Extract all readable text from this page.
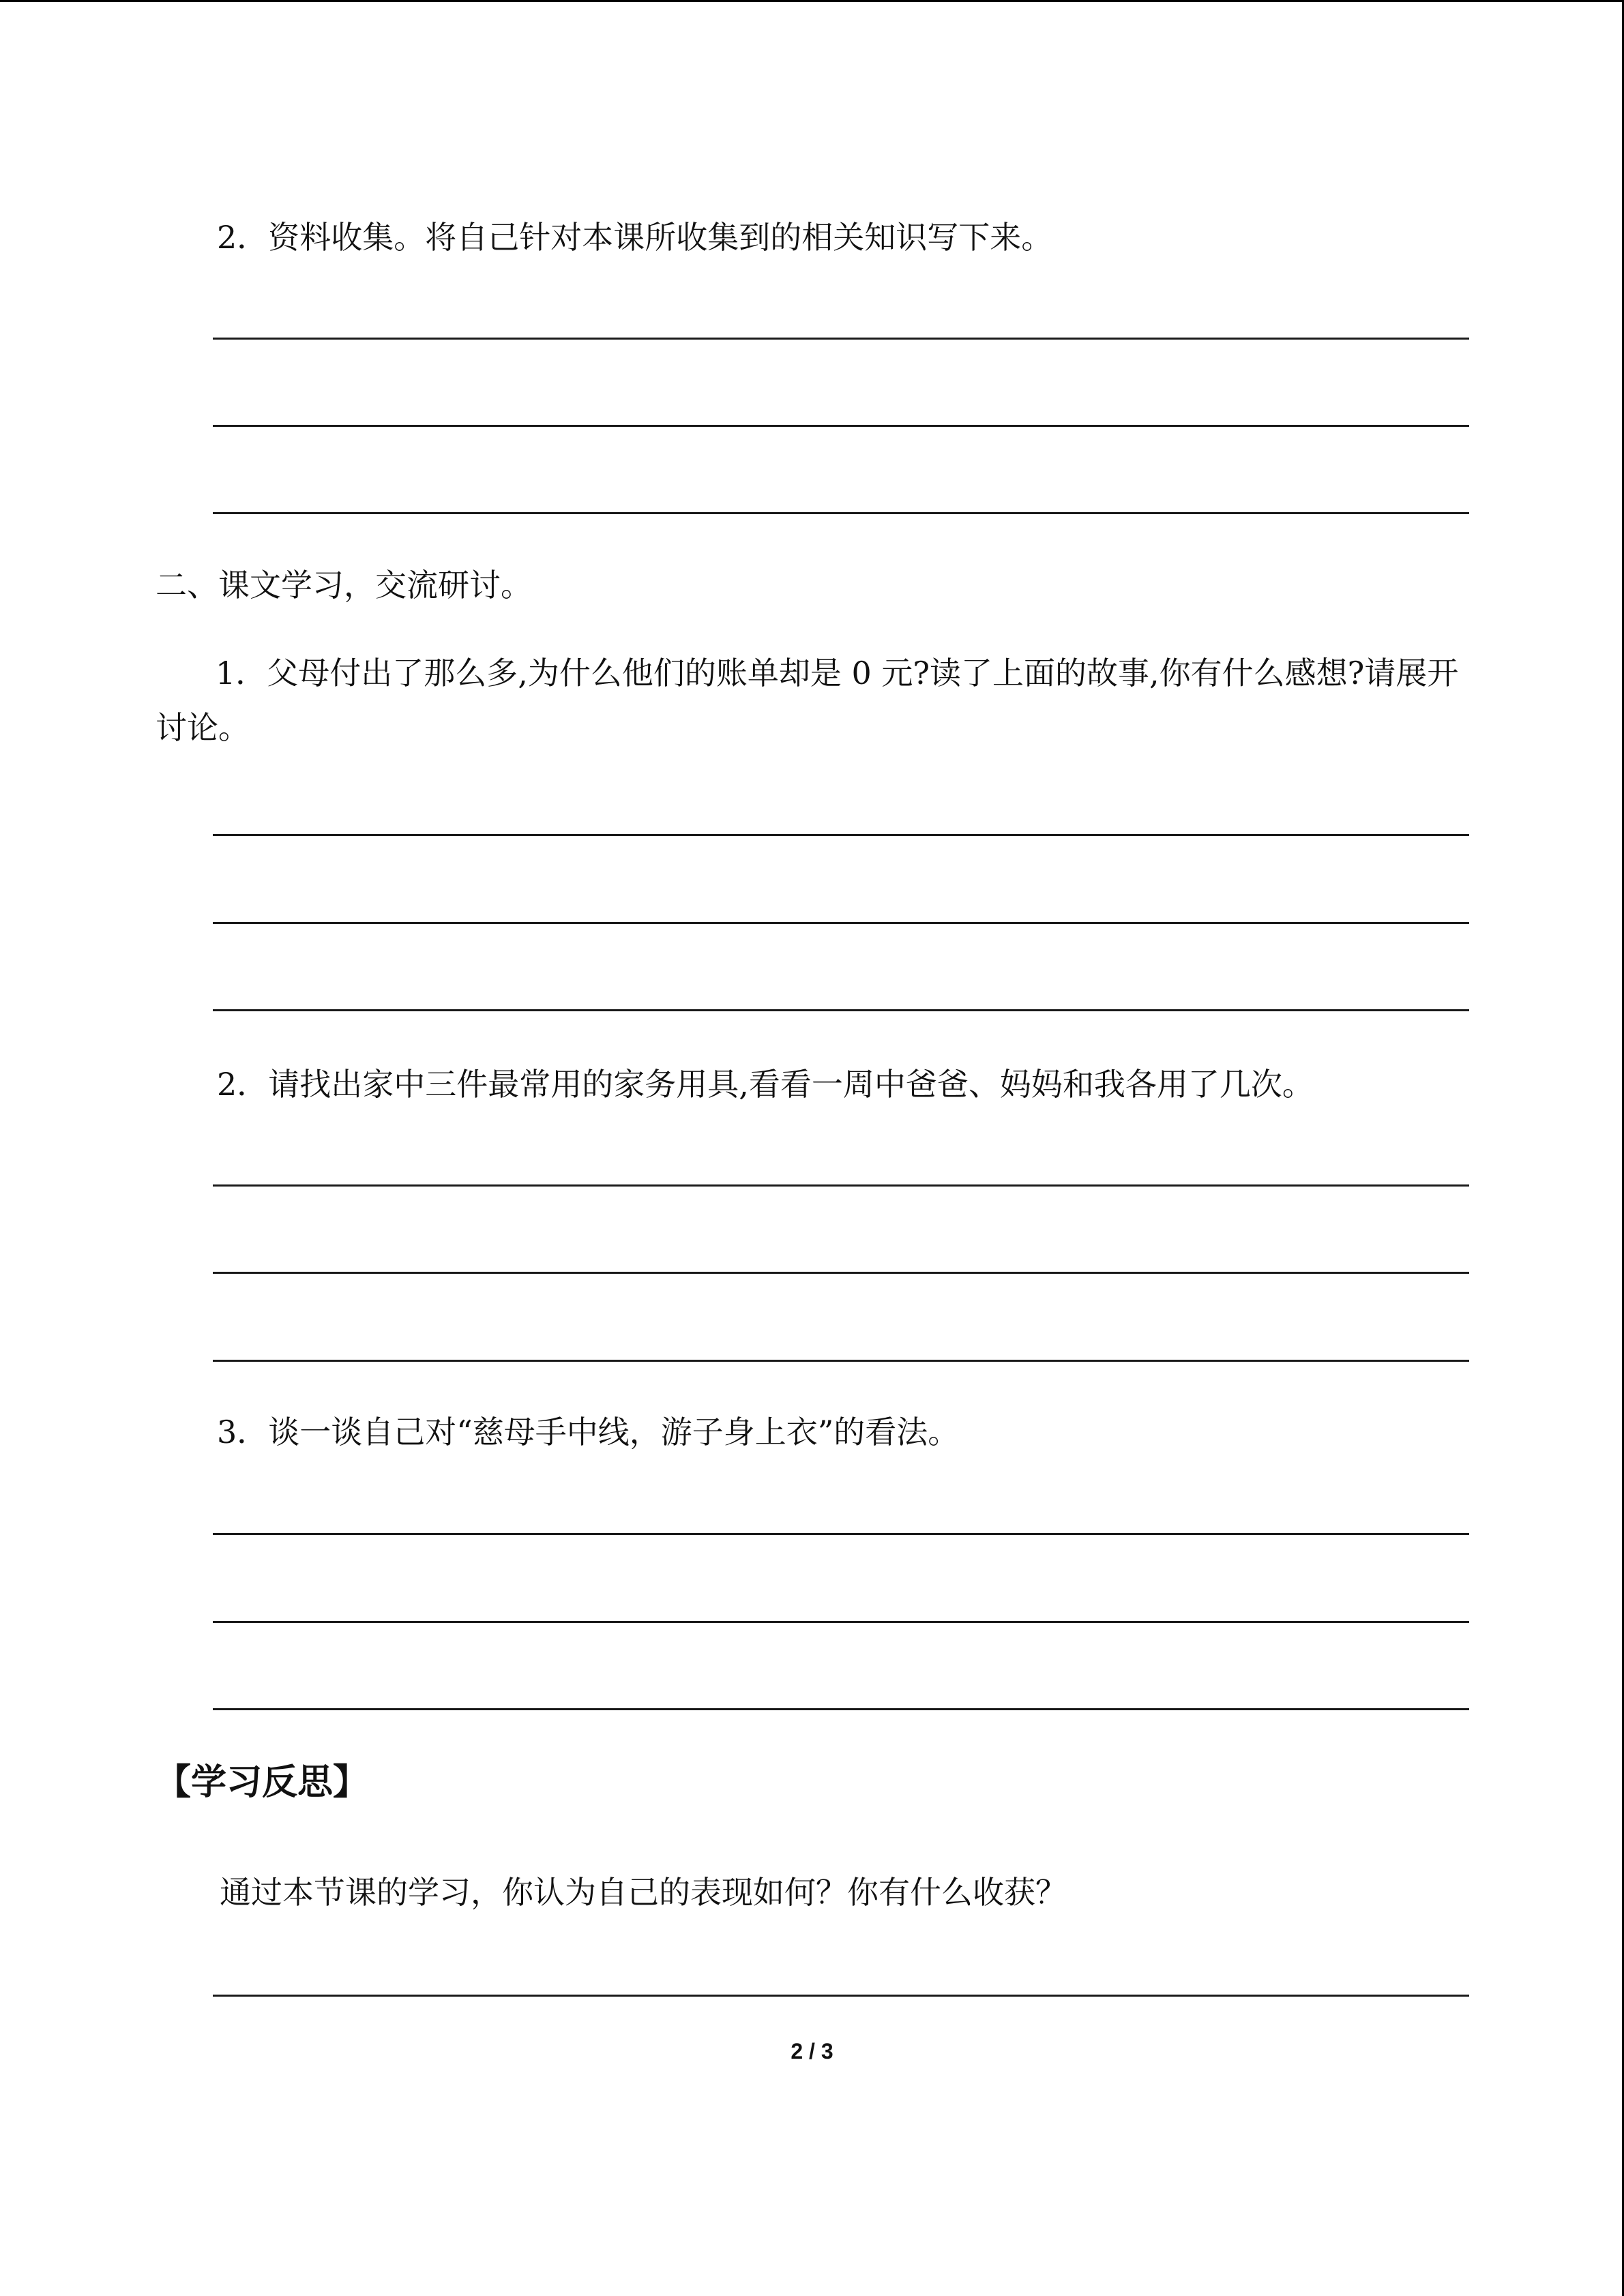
2．资料收集。将自己针对本课所收集到的相关知识写下来。
二、课文学习，交流研讨。
1．父母付出了那么多,为什么他们的账单却是 0 元?读了上面的故事,你有什么感想?请展开讨论。
2．请找出家中三件最常用的家务用具,看看一周中爸爸、妈妈和我各用了几次。
3．谈一谈自己对“慈母手中线，游子身上衣”的看法。
【学习反思】
通过本节课的学习，你认为自己的表现如何？你有什么收获？
2 / 3
